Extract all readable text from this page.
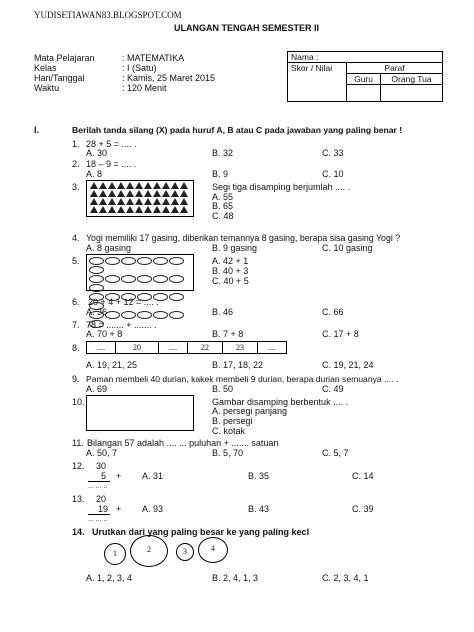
YUDISETIAWAN83.BLOGSPOT.COM
ULANGAN TENGAH SEMESTER II
Mata Pelajaran	: MATEMATIKA
Kelas	: I (Satu)
Hari/Tanggal	: Kamis, 25 Maret 2015
Waktu	: 120 Menit
Nama :		
Skor / Nilai	Paraf	
	Guru	Orang Tua

I.	Berilah tanda silang (X) pada huruf A, B atau C pada jawaban yang paling benar !
1. 28 + 5 = .... .
A. 30	B. 32	C. 33
2. 18 – 9 = .... .
A. 8	B. 9	C. 10
3.	Segi tiga disamping berjumlah .... .
A. 55
B. 65
C. 48
4. Yogi memiliki 17 gasing, diberikan temannya 8 gasing, berapa sisa gasing Yogi ?
A. 8 gasing	B. 9 gasing	C. 10 gasing
5.	A. 42 + 1
B. 40 + 3
C. 40 + 5
6. 20 + 4 + 12 = .... .
A. 36	B. 46	C. 66
7. 78 = ....... + ....... .
A. 70 + 8	B. 7 + 8	C. 17 + 8
8.	....	20	....	22	23	....
A. 19, 21, 25	B. 17, 18, 22	C. 19, 21, 24
9. Paman membeli 40 durian, kakek membeli 9 durian, berapa durian semuanya .... .
A. 69	B. 50	C. 49
10.	Gambar disamping berbentuk .... .
A. persegi panjang
B. persegi
C. kotak
11. Bilangan 57 adalah .... ... puluhan + ....... satuan
A. 50, 7	B. 5, 70	C. 5, 7
12. 30
5 +
... ... ..
A. 31	B. 35	C. 14
13. 20
19 +
... ... ..
A. 93	B. 43	C. 39
14. Urutkan dari yang paling besar ke yang paling kecl
1	2	3	4
A. 1, 2, 3, 4	B. 2, 4, 1, 3	C. 2, 3, 4, 1
